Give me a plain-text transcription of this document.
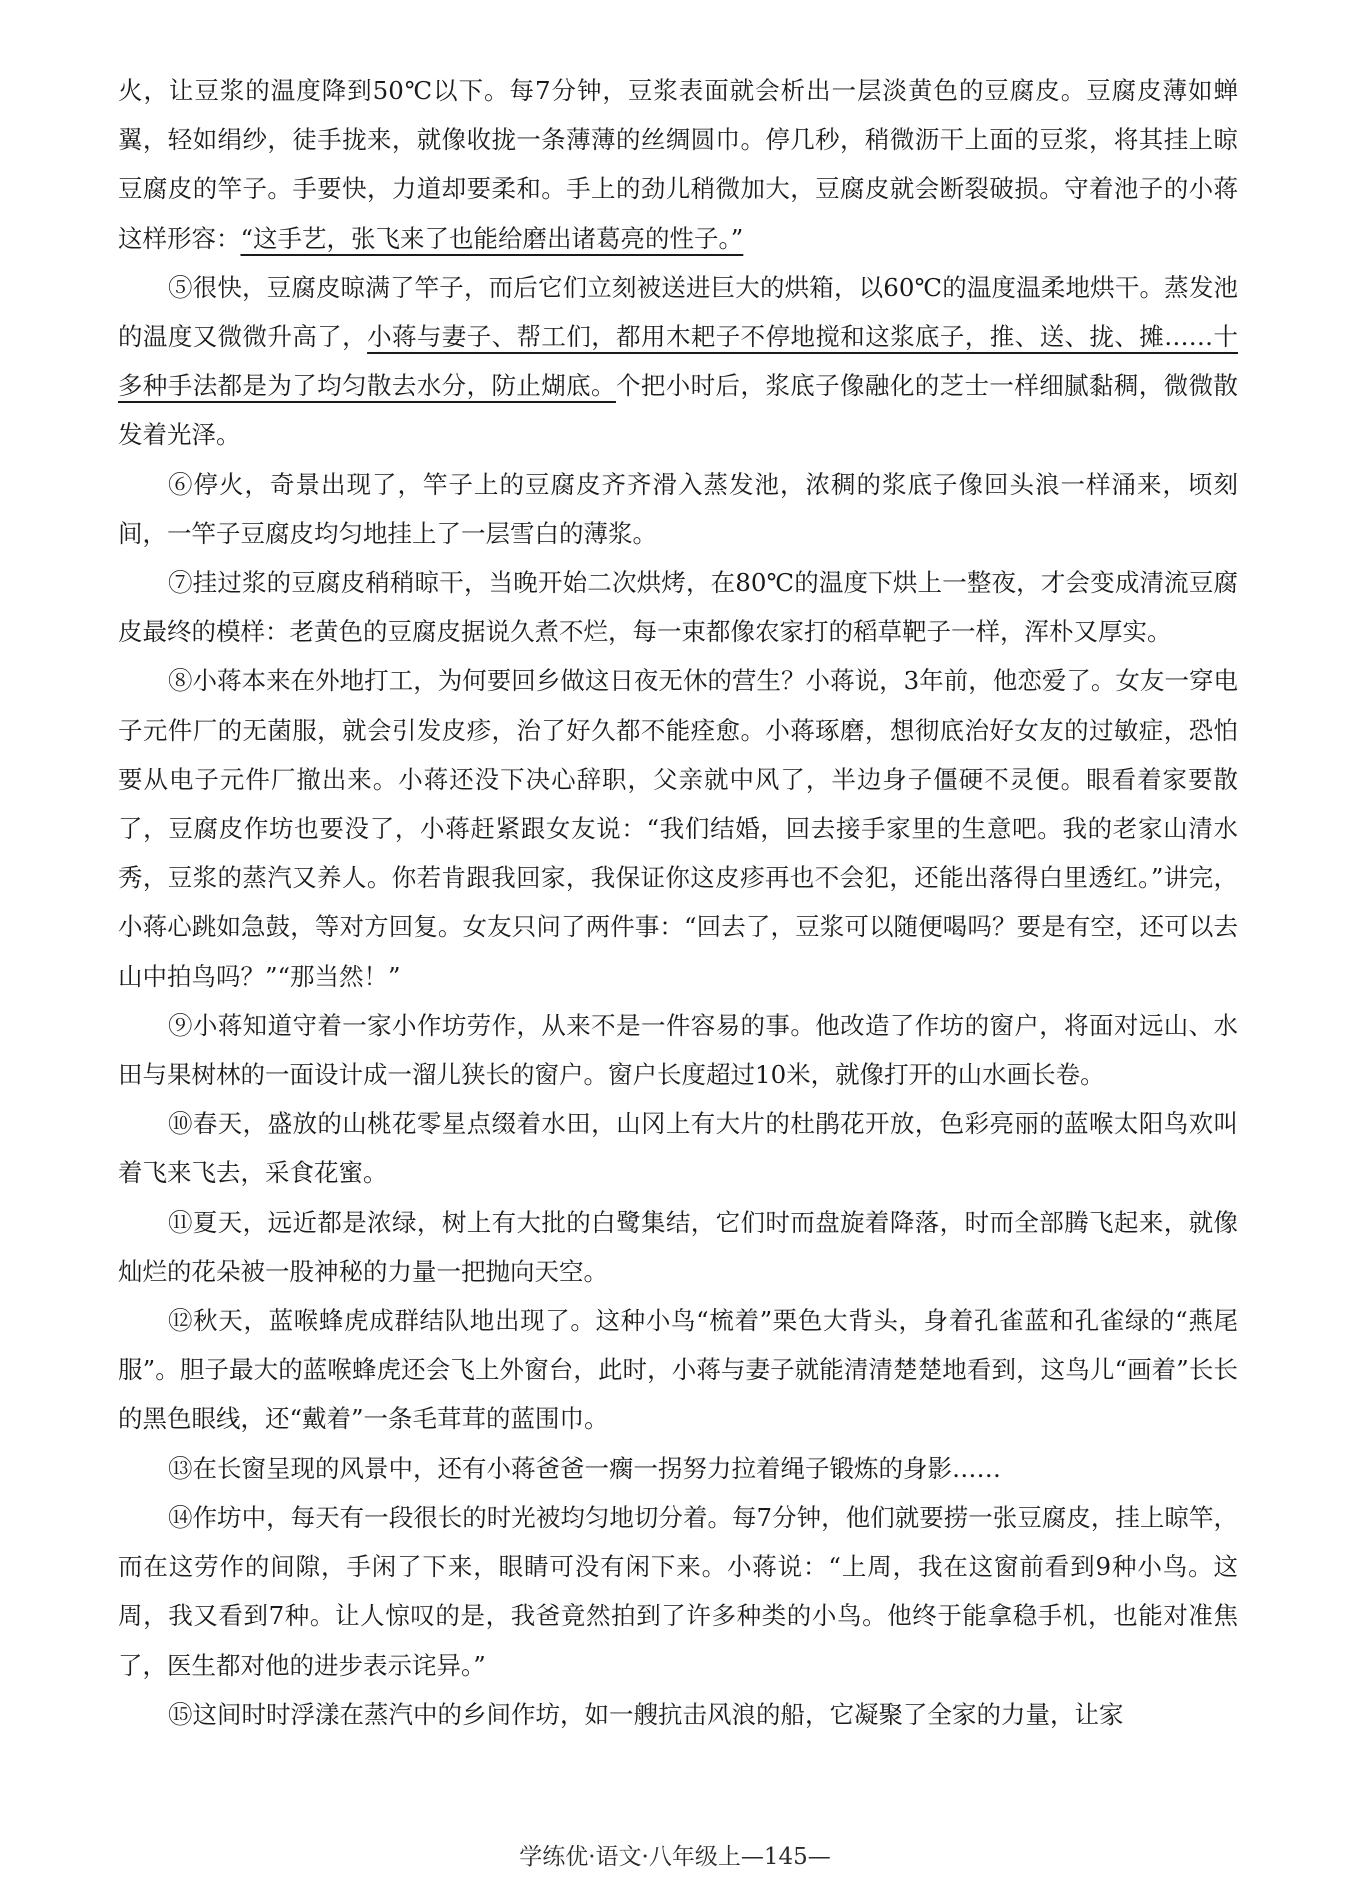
火，让豆浆的温度降到50℃以下。每7分钟，豆浆表面就会析出一层淡黄色的豆腐皮。豆腐皮薄如蝉翼，轻如绢纱，徒手拢来，就像收拢一条薄薄的丝绸圆巾。停几秒，稍微沥干上面的豆浆，将其挂上晾豆腐皮的竿子。手要快，力道却要柔和。手上的劲儿稍微加大，豆腐皮就会断裂破损。守着池子的小蒋这样形容：“这手艺，张飞来了也能给磨出诸葛亮的性子。”

⑤很快，豆腐皮晾满了竿子，而后它们立刻被送进巨大的烘箱，以60℃的温度温柔地烘干。蒸发池的温度又微微升高了，小蒋与妻子、帮工们，都用木耙子不停地搅和这浆底子，推、送、拢、摊……十多种手法都是为了均匀散去水分，防止煳底。个把小时后，浆底子像融化的芝士一样细腻黏稠，微微散发着光泽。

⑥停火，奇景出现了，竿子上的豆腐皮齐齐滑入蒸发池，浓稠的浆底子像回头浪一样涌来，顷刻间，一竿子豆腐皮均匀地挂上了一层雪白的薄浆。

⑦挂过浆的豆腐皮稍稍晾干，当晚开始二次烘烤，在80℃的温度下烘上一整夜，才会变成清流豆腐皮最终的模样：老黄色的豆腐皮据说久煮不烂，每一束都像农家打的稻草靶子一样，浑朴又厚实。

⑧小蒋本来在外地打工，为何要回乡做这日夜无休的营生？小蒋说，3年前，他恋爱了。女友一穿电子元件厂的无菌服，就会引发皮疹，治了好久都不能痊愈。小蒋琢磨，想彻底治好女友的过敏症，恐怕要从电子元件厂撤出来。小蒋还没下决心辞职，父亲就中风了，半边身子僵硬不灵便。眼看着家要散了，豆腐皮作坊也要没了，小蒋赶紧跟女友说：“我们结婚，回去接手家里的生意吧。我的老家山清水秀，豆浆的蒸汽又养人。你若肯跟我回家，我保证你这皮疹再也不会犯，还能出落得白里透红。”讲完，小蒋心跳如急鼓，等对方回复。女友只问了两件事：“回去了，豆浆可以随便喝吗？要是有空，还可以去山中拍鸟吗？”“那当然！”

⑨小蒋知道守着一家小作坊劳作，从来不是一件容易的事。他改造了作坊的窗户，将面对远山、水田与果树林的一面设计成一溜儿狭长的窗户。窗户长度超过10米，就像打开的山水画长卷。

⑩春天，盛放的山桃花零星点缀着水田，山冈上有大片的杜鹃花开放，色彩亮丽的蓝喉太阳鸟欢叫着飞来飞去，采食花蜜。

⑪夏天，远近都是浓绿，树上有大批的白鹭集结，它们时而盘旋着降落，时而全部腾飞起来，就像灿烂的花朵被一股神秘的力量一把抛向天空。

⑫秋天，蓝喉蜂虎成群结队地出现了。这种小鸟“梳着”栗色大背头，身着孔雀蓝和孔雀绿的“燕尾服”。胆子最大的蓝喉蜂虎还会飞上外窗台，此时，小蒋与妻子就能清清楚楚地看到，这鸟儿“画着”长长的黑色眼线，还“戴着”一条毛茸茸的蓝围巾。

⑬在长窗呈现的风景中，还有小蒋爸爸一瘸一拐努力拉着绳子锻炼的身影……

⑭作坊中，每天有一段很长的时光被均匀地切分着。每7分钟，他们就要捞一张豆腐皮，挂上晾竿，而在这劳作的间隙，手闲了下来，眼睛可没有闲下来。小蒋说：“上周，我在这窗前看到9种小鸟。这周，我又看到7种。让人惊叹的是，我爸竟然拍到了许多种类的小鸟。他终于能拿稳手机，也能对准焦了，医生都对他的进步表示诧异。”

⑮这间时时浮漾在蒸汽中的乡间作坊，如一艘抗击风浪的船，它凝聚了全家的力量，让家

学练优·语文·八年级上—145—
